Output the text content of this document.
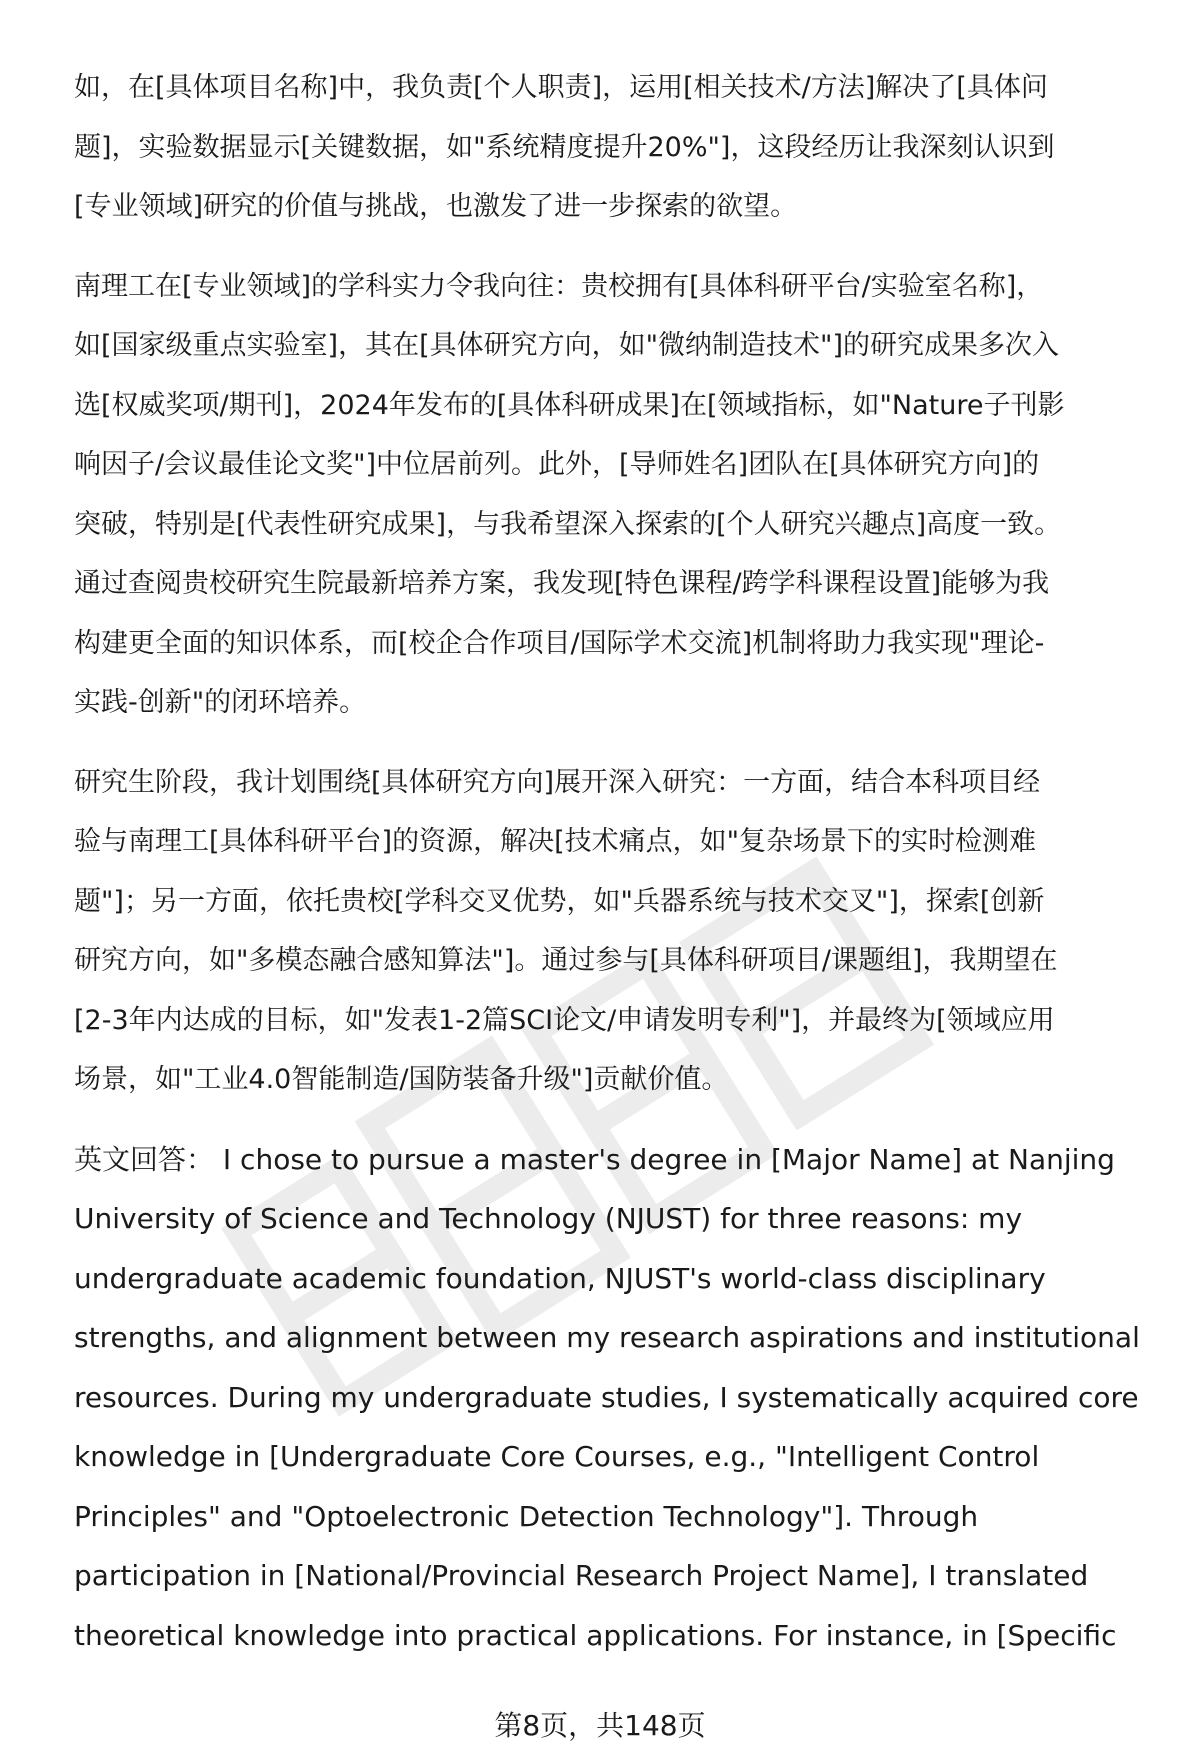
如，在[具体项目名称]中，我负责[个人职责]，运用[相关技术/方法]解决了[具体问
题]，实验数据显示[关键数据，如"系统精度提升20%"]，这段经历让我深刻认识到
[专业领域]研究的价值与挑战，也激发了进一步探索的欲望。

南理工在[专业领域]的学科实力令我向往：贵校拥有[具体科研平台/实验室名称]，
如[国家级重点实验室]，其在[具体研究方向，如"微纳制造技术"]的研究成果多次入
选[权威奖项/期刊]，2024年发布的[具体科研成果]在[领域指标，如"Nature子刊影
响因子/会议最佳论文奖"]中位居前列。此外，[导师姓名]团队在[具体研究方向]的
突破，特别是[代表性研究成果]，与我希望深入探索的[个人研究兴趣点]高度一致。
通过查阅贵校研究生院最新培养方案，我发现[特色课程/跨学科课程设置]能够为我
构建更全面的知识体系，而[校企合作项目/国际学术交流]机制将助力我实现"理论-
实践-创新"的闭环培养。

研究生阶段，我计划围绕[具体研究方向]展开深入研究：一方面，结合本科项目经
验与南理工[具体科研平台]的资源，解决[技术痛点，如"复杂场景下的实时检测难
题"]；另一方面，依托贵校[学科交叉优势，如"兵器系统与技术交叉"]，探索[创新
研究方向，如"多模态融合感知算法"]。通过参与[具体科研项目/课题组]，我期望在
[2-3年内达成的目标，如"发表1-2篇SCI论文/申请发明专利"]，并最终为[领域应用
场景，如"工业4.0智能制造/国防装备升级"]贡献价值。

英文回答： I chose to pursue a master's degree in [Major Name] at Nanjing
University of Science and Technology (NJUST) for three reasons: my
undergraduate academic foundation, NJUST's world-class disciplinary
strengths, and alignment between my research aspirations and institutional
resources. During my undergraduate studies, I systematically acquired core
knowledge in [Undergraduate Core Courses, e.g., "Intelligent Control
Principles" and "Optoelectronic Detection Technology"]. Through
participation in [National/Provincial Research Project Name], I translated
theoretical knowledge into practical applications. For instance, in [Specific

第8页，共148页
